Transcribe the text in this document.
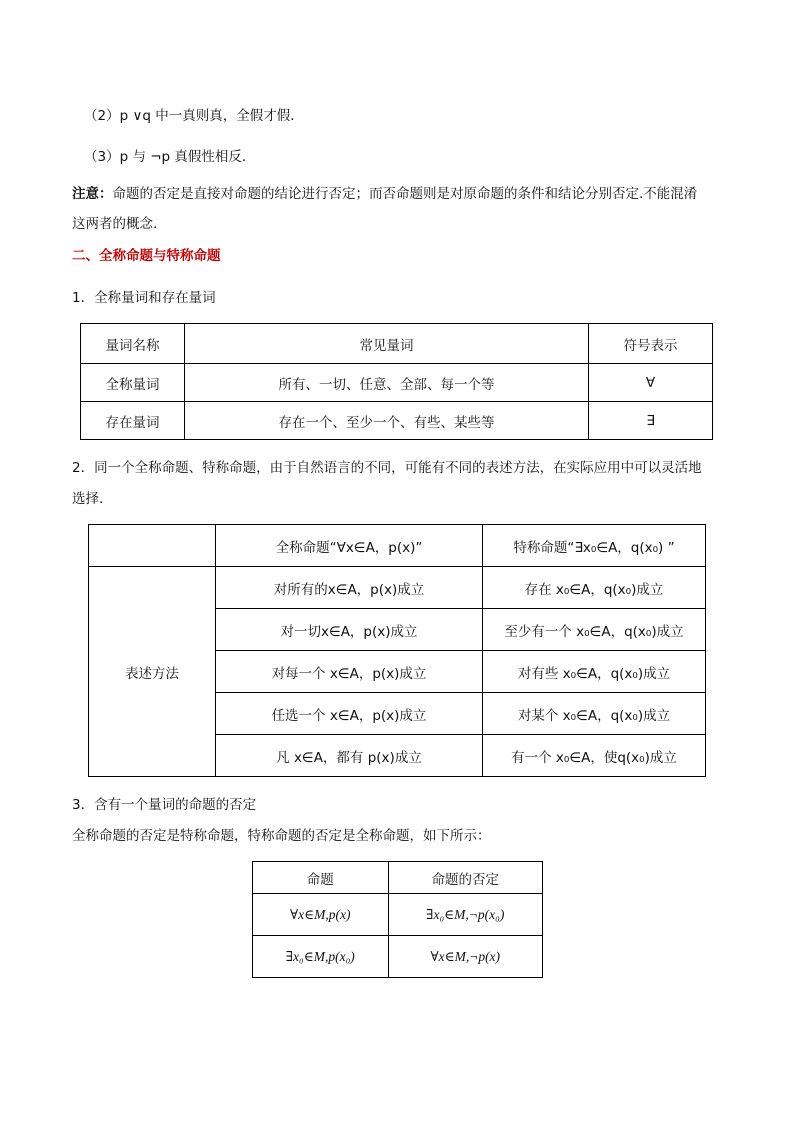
（2）p ∨q 中一真则真，全假才假．
（3）p 与 ¬p 真假性相反．
注意：命题的否定是直接对命题的结论进行否定；而否命题则是对原命题的条件和结论分别否定.不能混淆
这两者的概念.
二、全称命题与特称命题
1．全称量词和存在量词
量词名称	常见量词	符号表示
全称量词	所有、一切、任意、全部、每一个等	∀
存在量词	存在一个、至少一个、有些、某些等	∃
2．同一个全称命题、特称命题，由于自然语言的不同，可能有不同的表述方法，在实际应用中可以灵活地
选择.
	全称命题“∀x∈A，p(x)”	特称命题“∃x₀∈A，q(x₀) ”
表述方法	对所有的x∈A，p(x)成立	存在 x₀∈A，q(x₀)成立
	对一切x∈A，p(x)成立	至少有一个 x₀∈A，q(x₀)成立
	对每一个 x∈A，p(x)成立	对有些 x₀∈A，q(x₀)成立
	任选一个 x∈A，p(x)成立	对某个 x₀∈A，q(x₀)成立
	凡 x∈A，都有 p(x)成立	有一个 x₀∈A，使q(x₀)成立
3．含有一个量词的命题的否定
全称命题的否定是特称命题，特称命题的否定是全称命题，如下所示：
命题	命题的否定
∀x∈M,p(x)	∃x₀∈M,¬p(x₀)
∃x₀∈M,p(x₀)	∀x∈M,¬p(x)
